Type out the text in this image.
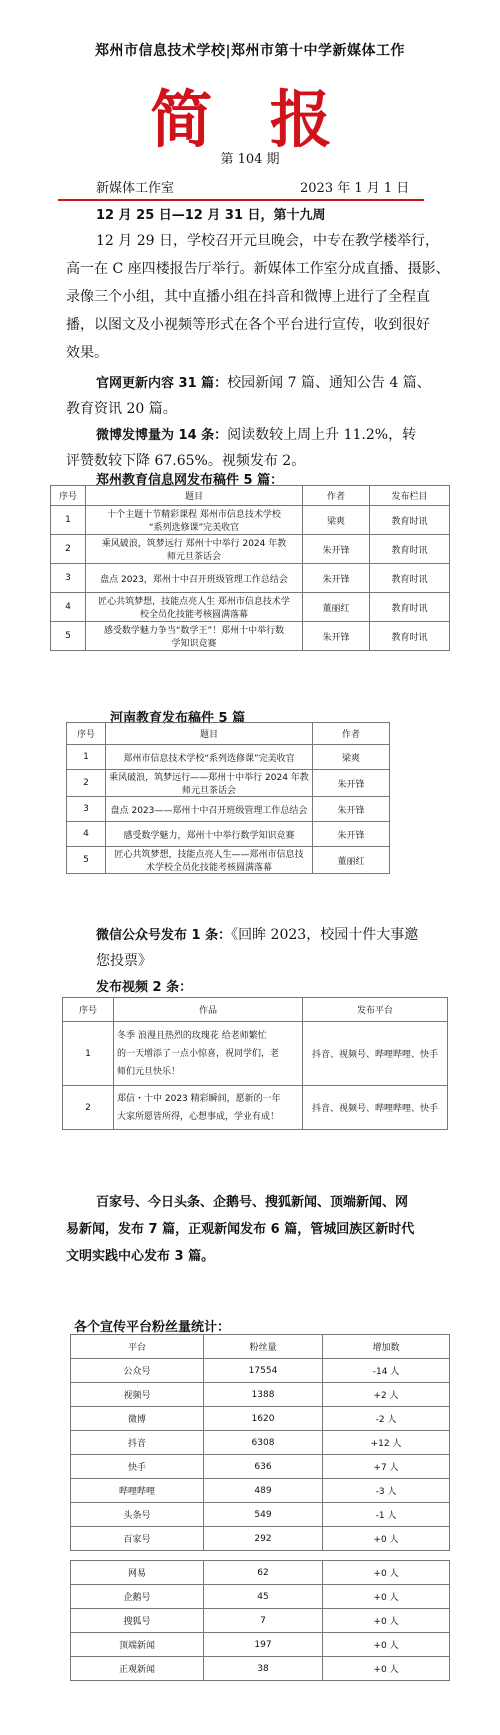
郑州市信息技术学校|郑州市第十中学新媒体工作
简 报
第 104 期
新媒体工作室	2023 年 1 月 1 日
12 月 25 日—12 月 31 日，第十九周
12 月 29 日，学校召开元旦晚会，中专在教学楼举行，
高一在 C 座四楼报告厅举行。新媒体工作室分成直播、摄影、
录像三个小组，其中直播小组在抖音和微博上进行了全程直
播，以图文及小视频等形式在各个平台进行宣传，收到很好
效果。
官网更新内容 31 篇：校园新闻 7 篇、通知公告 4 篇、
教育资讯 20 篇。
微博发博量为 14 条：阅读数较上周上升 11.2%，转
评赞数较下降 67.65%。视频发布 2。
郑州教育信息网发布稿件 5 篇：
序号	题目	作者	发布栏目
1	十个主题十节精彩课程 郑州市信息技术学校
“系列选修课”完美收官	梁爽	教育时讯
2	乘风破浪，筑梦远行 郑州十中举行 2024 年教
师元旦茶话会	朱开锋	教育时讯
3	盘点 2023，郑州十中召开班级管理工作总结会	朱开锋	教育时讯
4	匠心共筑梦想，技能点亮人生 郑州市信息技术学
校全员化技能考核圆满落幕	董丽红	教育时讯
5	感受数学魅力争当“数学王”！郑州十中举行数
学知识竞赛	朱开锋	教育时讯
河南教育发布稿件 5 篇
序号	题目	作者
1	郑州市信息技术学校“系列选修课”完美收官	梁爽
2	乘风破浪，筑梦远行——郑州十中举行 2024 年教
师元旦茶话会	朱开锋
3	盘点 2023——郑州十中召开班级管理工作总结会	朱开锋
4	感受数学魅力，郑州十中举行数学知识竞赛	朱开锋
5	匠心共筑梦想，技能点亮人生——郑州市信息技
术学校全员化技能考核圆满落幕	董丽红
微信公众号发布 1 条：《回眸 2023，校园十件大事邀
您投票》
发布视频 2 条：
序号	作品	发布平台
1	冬季 浪漫且热烈的玫瑰花 给老师繁忙
的一天增添了一点小惊喜，祝同学们，老
师们元旦快乐！	抖音、视频号、哔哩哔哩、快手
2	郑信・十中 2023 精彩瞬间，愿新的一年
大家所愿皆所得，心想事成，学业有成！	抖音、视频号、哔哩哔哩、快手
百家号、今日头条、企鹅号、搜狐新闻、顶端新闻、网
易新闻，发布 7 篇，正观新闻发布 6 篇，管城回族区新时代
文明实践中心发布 3 篇。
各个宣传平台粉丝量统计：
平台	粉丝量	增加数
公众号	17554	-14 人
视频号	1388	+2 人
微博	1620	-2 人
抖音	6308	+12 人
快手	636	+7 人
哔哩哔哩	489	-3 人
头条号	549	-1 人
百家号	292	+0 人
网易	62	+0 人
企鹅号	45	+0 人
搜狐号	7	+0 人
顶端新闻	197	+0 人
正观新闻	38	+0 人
